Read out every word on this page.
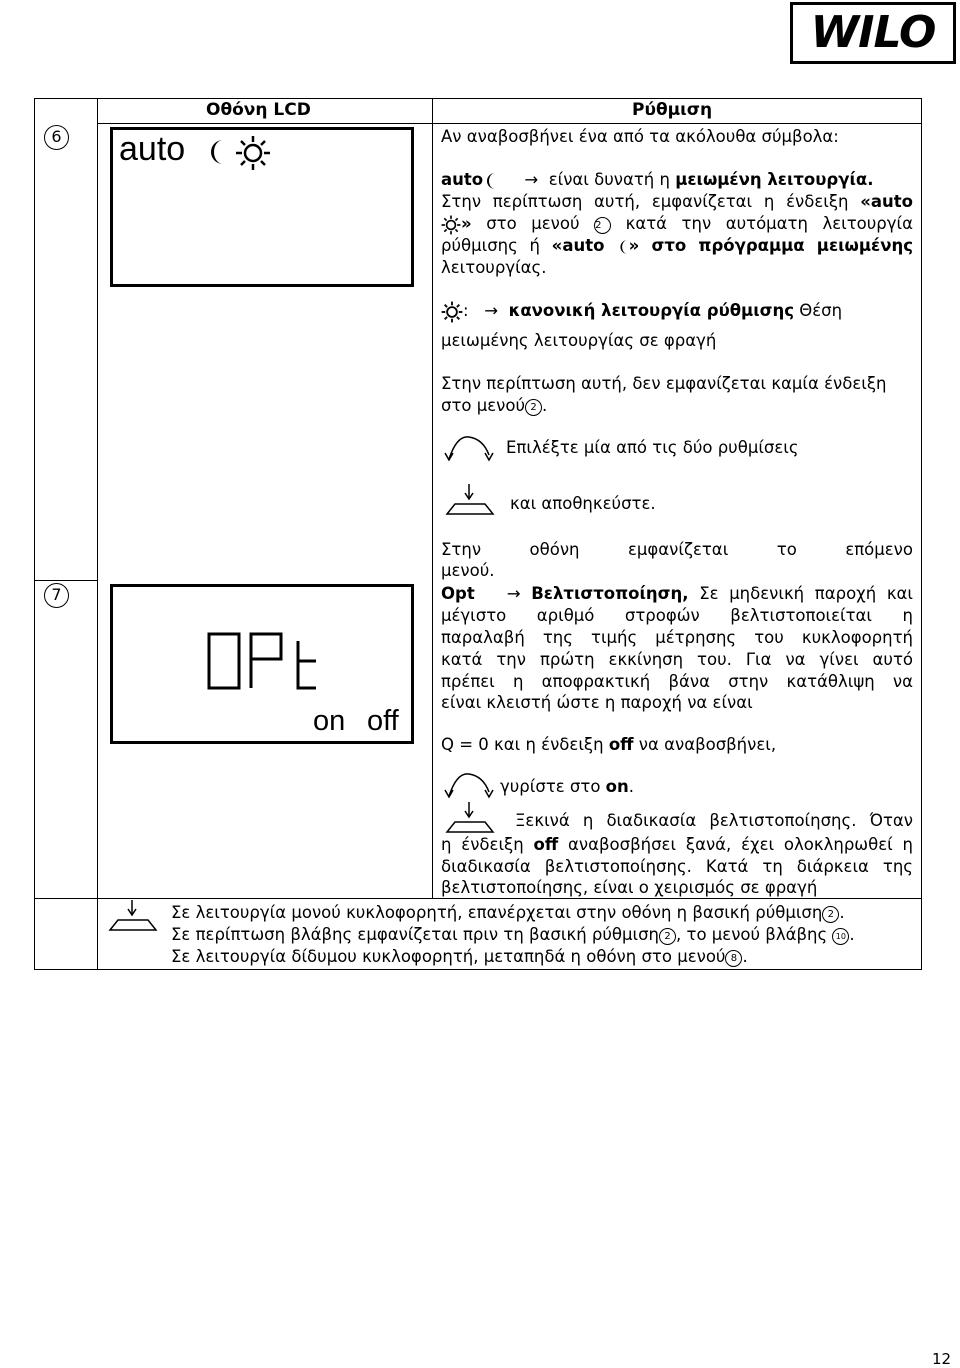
WILO
Οθόνη LCD	Ρύθμιση
6
7
auto
on off
Αν αναβοσβήνει ένα από τα ακόλουθα σύμβολα:
auto	→  είναι δυνατή η μειωμένη λειτουργία.
Στην περίπτωση αυτή, εμφανίζεται η ένδειξη «auto
» στο μενού 2 κατά την αυτόματη λειτουργία
ρύθμισης ή «auto » στο πρόγραμμα μειωμένης
λειτουργίας.
:   →  κανονική λειτουργία ρύθμισης Θέση
μειωμένης λειτουργίας σε φραγή
Στην περίπτωση αυτή, δεν εμφανίζεται καμία ένδειξη
στο μενού 2 .
Επιλέξτε μία από τις δύο ρυθμίσεις
και αποθηκεύστε.
Στην οθόνη εμφανίζεται το επόμενο
μενού.
Opt → Βελτιστοποίηση, Σε μηδενική παροχή και
μέγιστο αριθμό στροφών βελτιστοποιείται η
παραλαβή της τιμής μέτρησης του κυκλοφορητή
κατά την πρώτη εκκίνηση του. Για να γίνει αυτό
πρέπει η αποφρακτική βάνα στην κατάθλιψη να
είναι κλειστή ώστε η παροχή να είναι
Q = 0 και η ένδειξη off να αναβοσβήνει,
γυρίστε στο on.
Ξεκινά η διαδικασία βελτιστοποίησης. Όταν
η ένδειξη off αναβοσβήσει ξανά, έχει ολοκληρωθεί η
διαδικασία βελτιστοποίησης. Κατά τη διάρκεια της
βελτιστοποίησης, είναι ο χειρισμός σε φραγή
Σε λειτουργία μονού κυκλοφορητή, επανέρχεται στην οθόνη η βασική ρύθμιση 2 .
Σε περίπτωση βλάβης εμφανίζεται πριν τη βασική ρύθμιση 2 , το μενού βλάβης 10 .
Σε λειτουργία δίδυμου κυκλοφορητή, μεταπηδά η οθόνη στο μενού 8 .
12
